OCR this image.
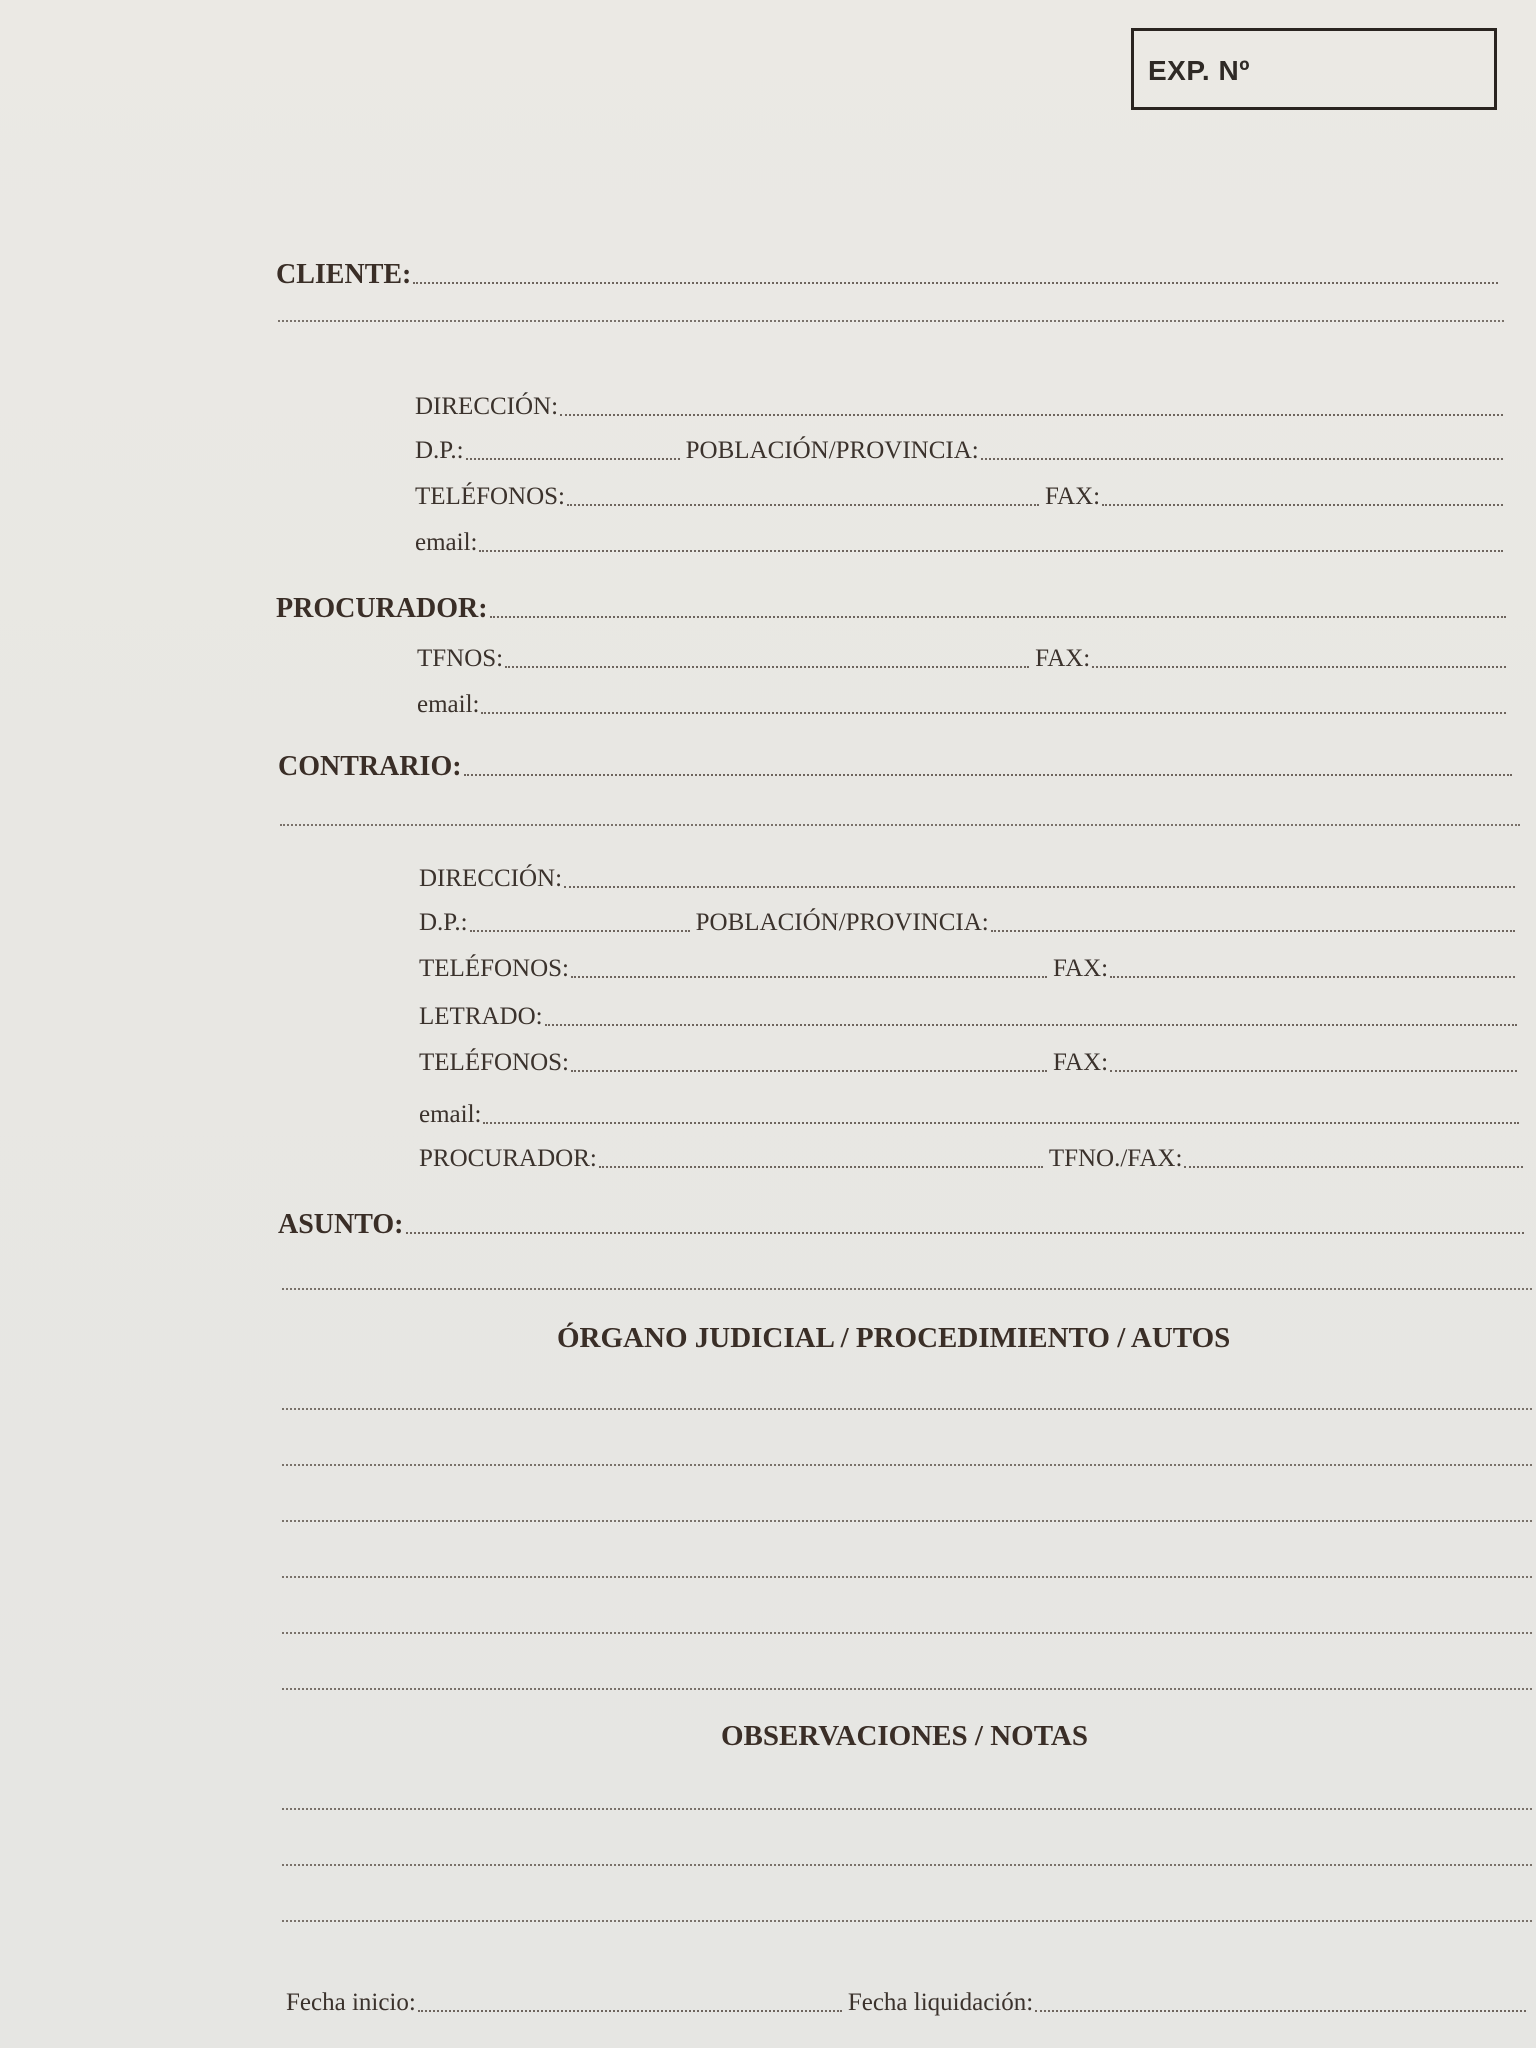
EXP. Nº
CLIENTE:
DIRECCIÓN:
D.P.:	POBLACIÓN/PROVINCIA:
TELÉFONOS:	FAX:
email:
PROCURADOR:
TFNOS:	FAX:
email:
CONTRARIO:
DIRECCIÓN:
D.P.:	POBLACIÓN/PROVINCIA:
TELÉFONOS:	FAX:
LETRADO:
TELÉFONOS:	FAX:
email:
PROCURADOR:	TFNO./FAX:
ASUNTO:
ÓRGANO JUDICIAL / PROCEDIMIENTO / AUTOS
OBSERVACIONES / NOTAS
Fecha inicio:	Fecha liquidación:
